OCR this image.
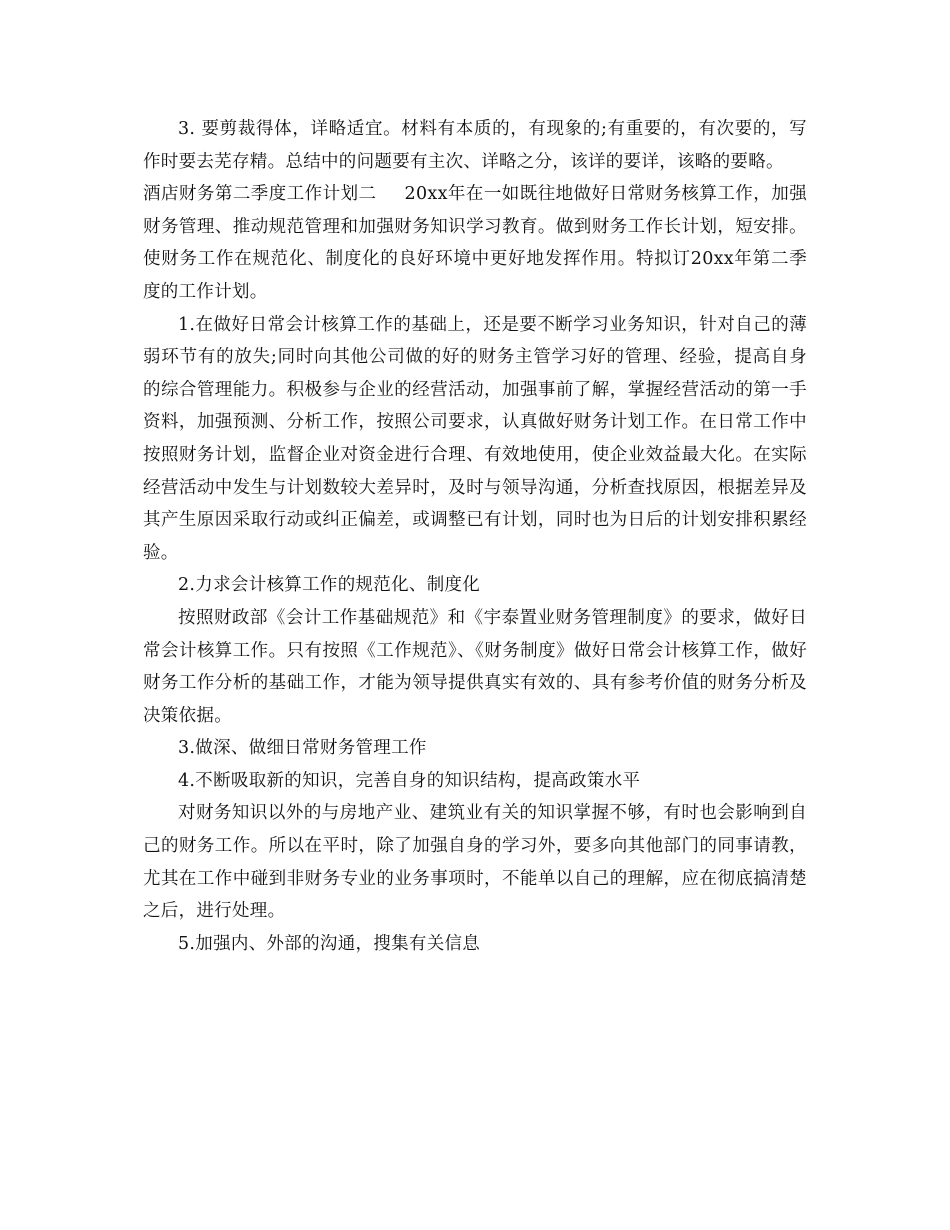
3. 要剪裁得体，详略适宜。材料有本质的，有现象的;有重要的，有次要的，写作时要去芜存精。总结中的问题要有主次、详略之分，该详的要详，该略的要略。

酒店财务第二季度工作计划二 20xx年在一如既往地做好日常财务核算工作，加强财务管理、推动规范管理和加强财务知识学习教育。做到财务工作长计划，短安排。使财务工作在规范化、制度化的良好环境中更好地发挥作用。特拟订20xx年第二季度的工作计划。

1.在做好日常会计核算工作的基础上，还是要不断学习业务知识，针对自己的薄弱环节有的放失;同时向其他公司做的好的财务主管学习好的管理、经验，提高自身的综合管理能力。积极参与企业的经营活动，加强事前了解，掌握经营活动的第一手资料，加强预测、分析工作，按照公司要求，认真做好财务计划工作。在日常工作中按照财务计划，监督企业对资金进行合理、有效地使用，使企业效益最大化。在实际经营活动中发生与计划数较大差异时，及时与领导沟通，分析查找原因，根据差异及其产生原因采取行动或纠正偏差，或调整已有计划，同时也为日后的计划安排积累经验。

2.力求会计核算工作的规范化、制度化

按照财政部《会计工作基础规范》和《宇泰置业财务管理制度》的要求，做好日常会计核算工作。只有按照《工作规范》、《财务制度》做好日常会计核算工作，做好财务工作分析的基础工作，才能为领导提供真实有效的、具有参考价值的财务分析及决策依据。

3.做深、做细日常财务管理工作

4.不断吸取新的知识，完善自身的知识结构，提高政策水平

对财务知识以外的与房地产业、建筑业有关的知识掌握不够，有时也会影响到自己的财务工作。所以在平时，除了加强自身的学习外，要多向其他部门的同事请教，尤其在工作中碰到非财务专业的业务事项时，不能单以自己的理解，应在彻底搞清楚之后，进行处理。

5.加强内、外部的沟通，搜集有关信息
